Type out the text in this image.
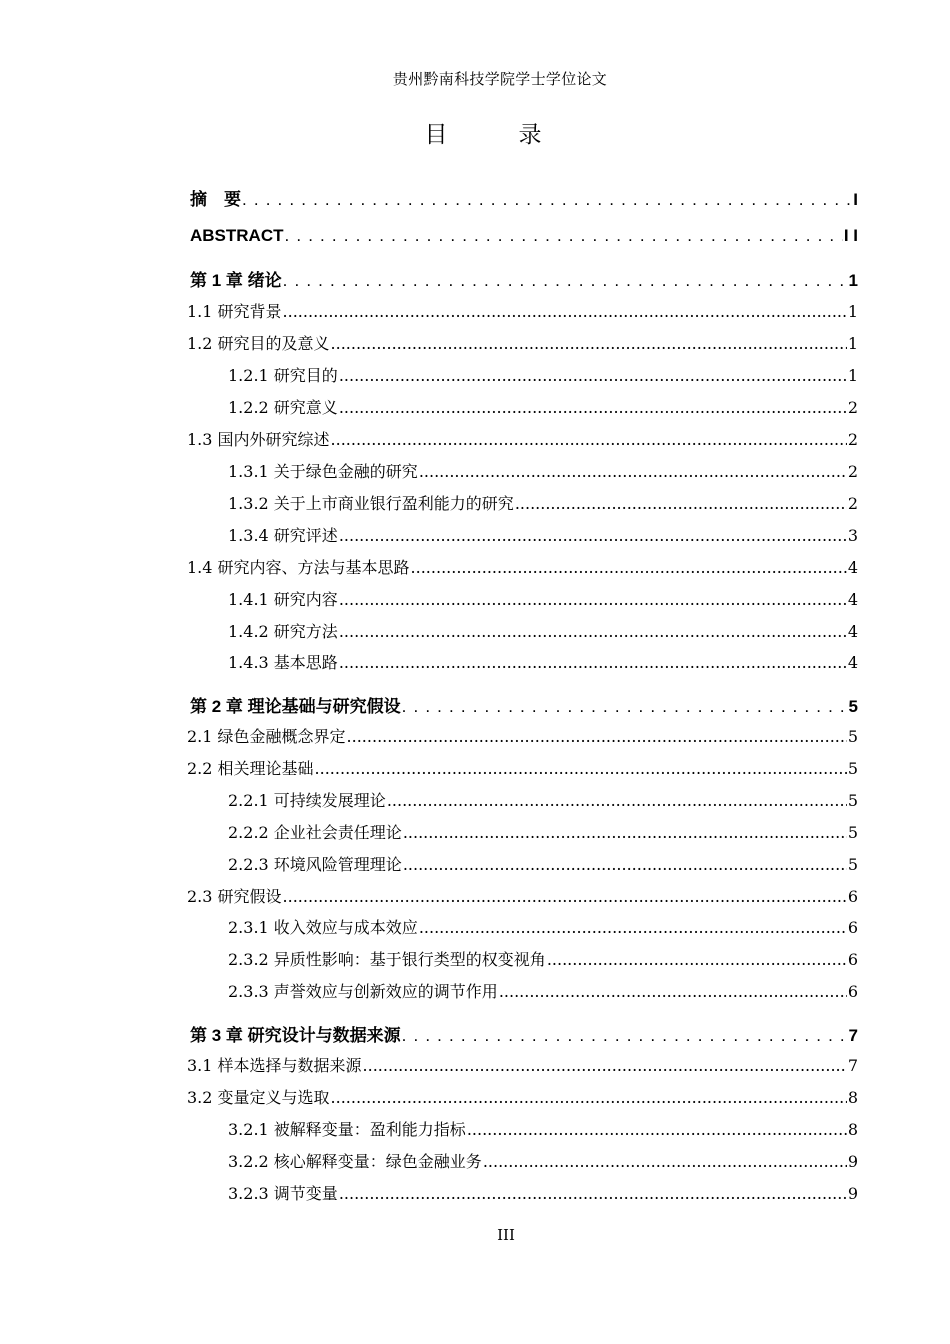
贵州黔南科技学院学士学位论文
目　录
摘　要 . . .	I
ABSTRACT . . .	I I
第 1 章 绪论 . . .	1
1.1 研究背景 .....	1
1.2 研究目的及意义 .....	1
1.2.1 研究目的 .....	1
1.2.2 研究意义 .....	2
1.3 国内外研究综述 .....	2
1.3.1 关于绿色金融的研究 .....	2
1.3.2 关于上市商业银行盈利能力的研究 .....	2
1.3.4 研究评述 .....	3
1.4 研究内容、方法与基本思路 .....	4
1.4.1 研究内容 .....	4
1.4.2 研究方法 .....	4
1.4.3 基本思路 .....	4
第 2 章 理论基础与研究假设 . . .	5
2.1 绿色金融概念界定 .....	5
2.2 相关理论基础 .....	5
2.2.1 可持续发展理论 .....	5
2.2.2 企业社会责任理论 .....	5
2.2.3 环境风险管理理论 .....	5
2.3 研究假设 .....	6
2.3.1 收入效应与成本效应 .....	6
2.3.2 异质性影响：基于银行类型的权变视角 .....	6
2.3.3 声誉效应与创新效应的调节作用 .....	6
第 3 章 研究设计与数据来源 . . .	7
3.1 样本选择与数据来源 .....	7
3.2 变量定义与选取 .....	8
3.2.1 被解释变量：盈利能力指标 .....	8
3.2.2 核心解释变量：绿色金融业务 .....	9
3.2.3 调节变量 .....	9
III
